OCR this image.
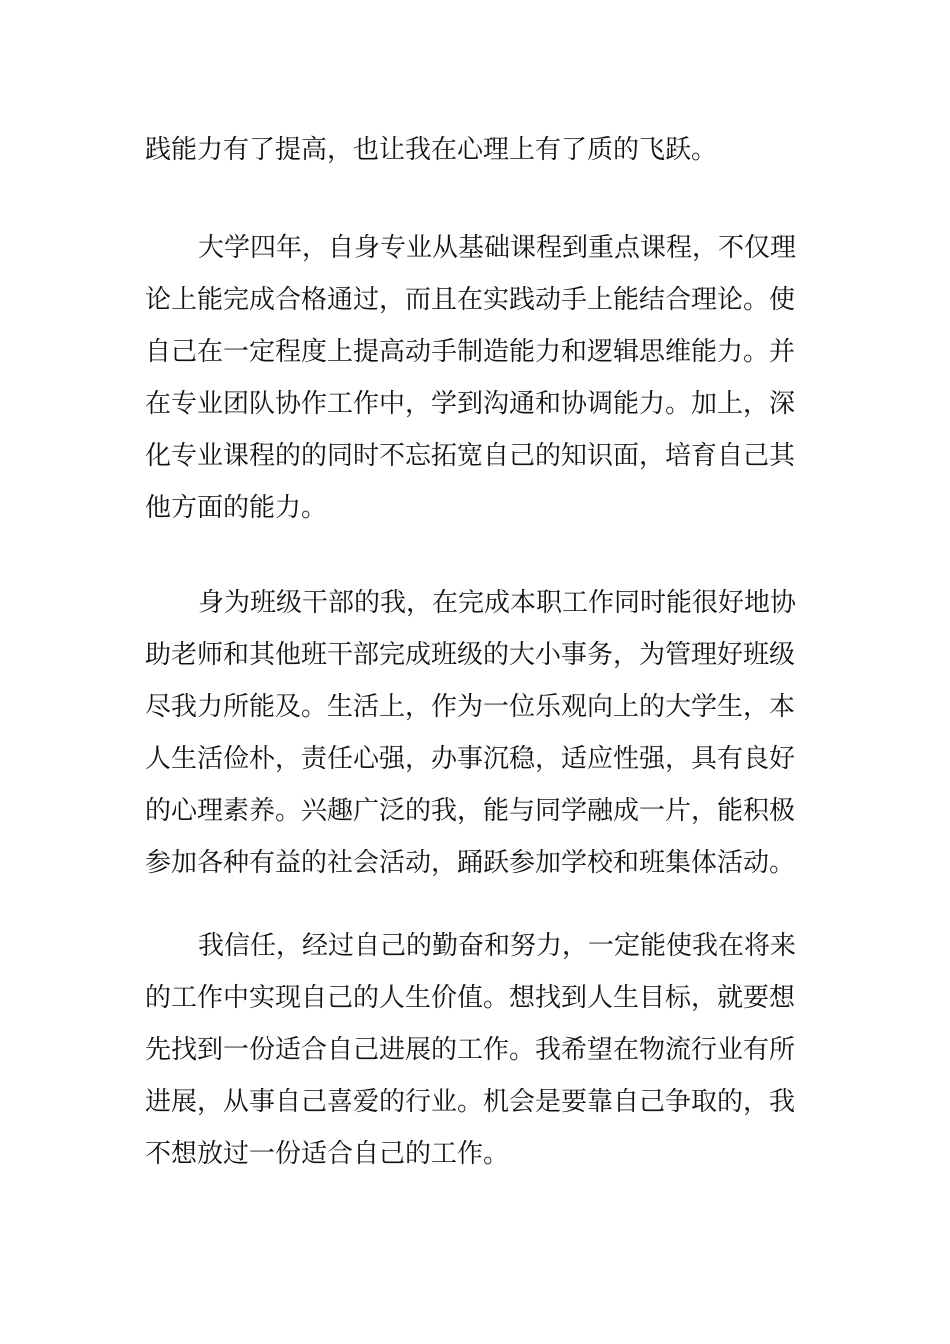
践能力有了提高，也让我在心理上有了质的飞跃。
大学四年，自身专业从基础课程到重点课程，不仅理
论上能完成合格通过，而且在实践动手上能结合理论。使
自己在一定程度上提高动手制造能力和逻辑思维能力。并
在专业团队协作工作中，学到沟通和协调能力。加上，深
化专业课程的的同时不忘拓宽自己的知识面，培育自己其
他方面的能力。
身为班级干部的我，在完成本职工作同时能很好地协
助老师和其他班干部完成班级的大小事务，为管理好班级
尽我力所能及。生活上，作为一位乐观向上的大学生，本
人生活俭朴，责任心强，办事沉稳，适应性强，具有良好
的心理素养。兴趣广泛的我，能与同学融成一片，能积极
参加各种有益的社会活动，踊跃参加学校和班集体活动。
我信任，经过自己的勤奋和努力，一定能使我在将来
的工作中实现自己的人生价值。想找到人生目标，就要想
先找到一份适合自己进展的工作。我希望在物流行业有所
进展，从事自己喜爱的行业。机会是要靠自己争取的，我
不想放过一份适合自己的工作。
